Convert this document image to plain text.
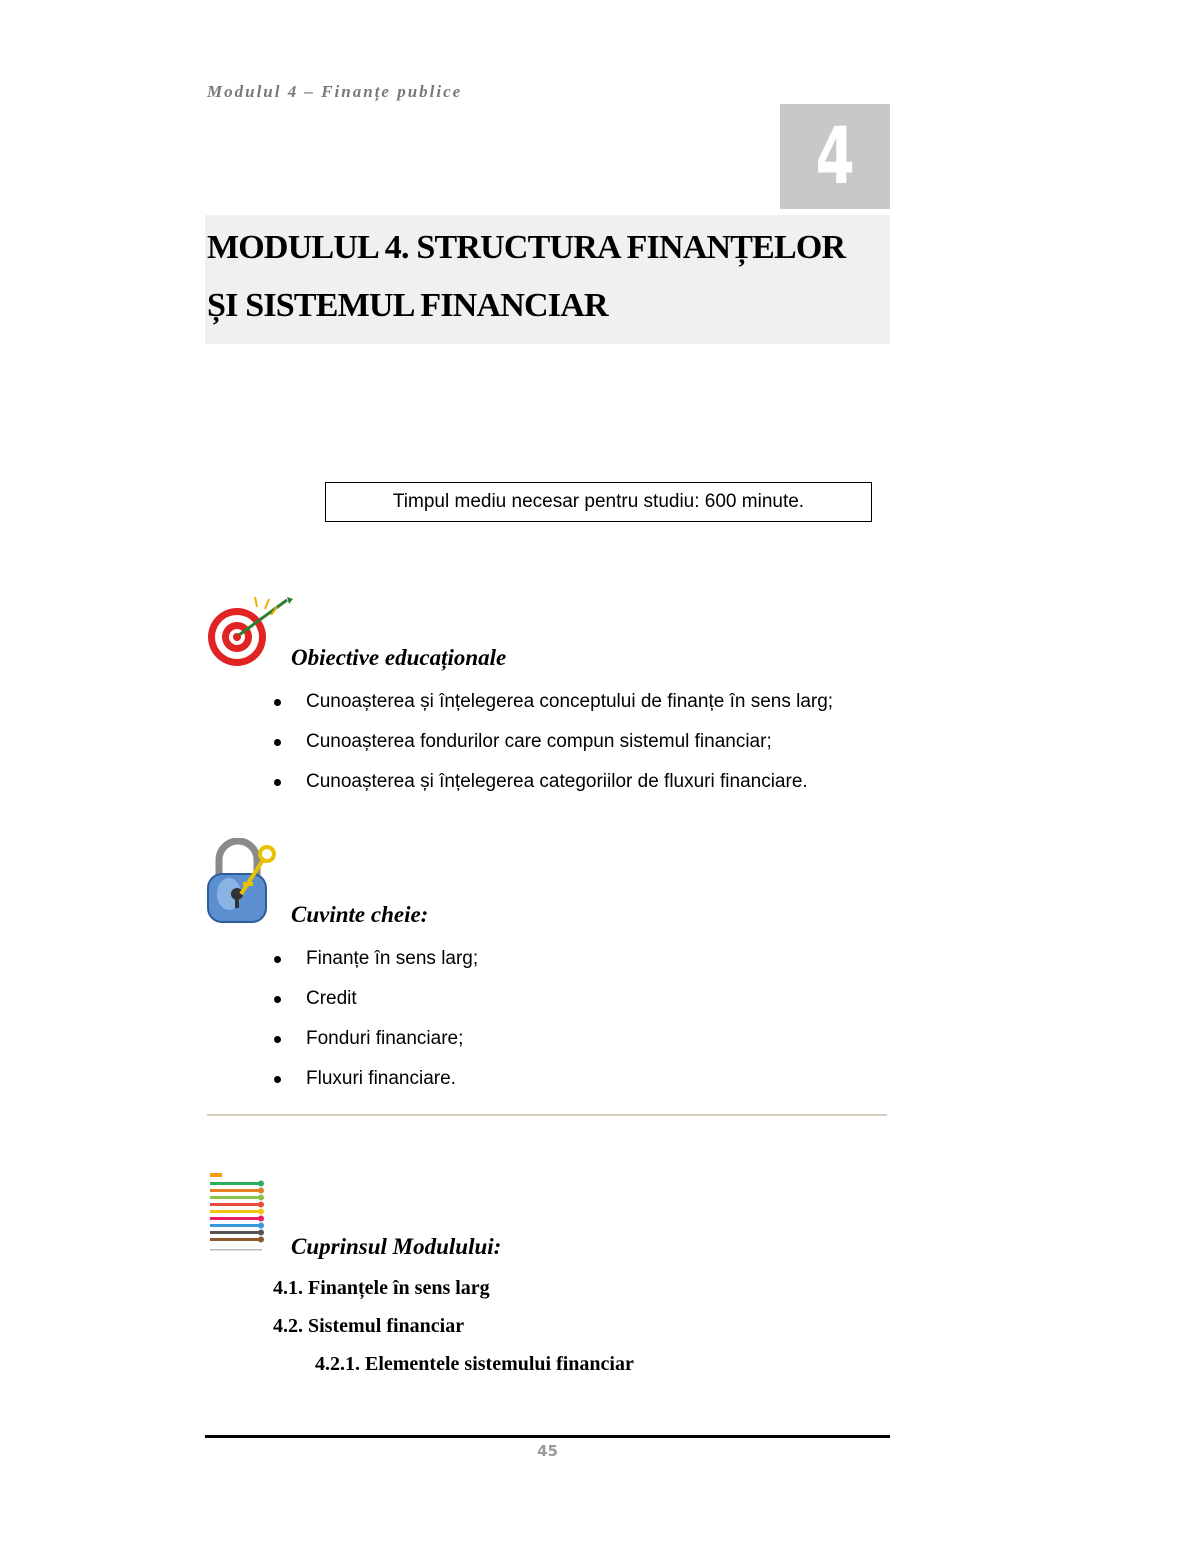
Modulul 4 – Finanțe publice
4
MODULUL 4. STRUCTURA FINANȚELOR
ȘI SISTEMUL FINANCIAR
Timpul mediu necesar pentru studiu: 600 minute.
Obiective educaționale
Cunoașterea și înțelegerea conceptului de finanțe în sens larg;
Cunoașterea fondurilor care compun sistemul financiar;
Cunoașterea și înțelegerea categoriilor de fluxuri financiare.
Cuvinte cheie:
Finanțe în sens larg;
Credit
Fonduri financiare;
Fluxuri financiare.
Cuprinsul Modulului:
4.1. Finanțele în sens larg
4.2. Sistemul financiar
4.2.1. Elementele sistemului financiar
45
